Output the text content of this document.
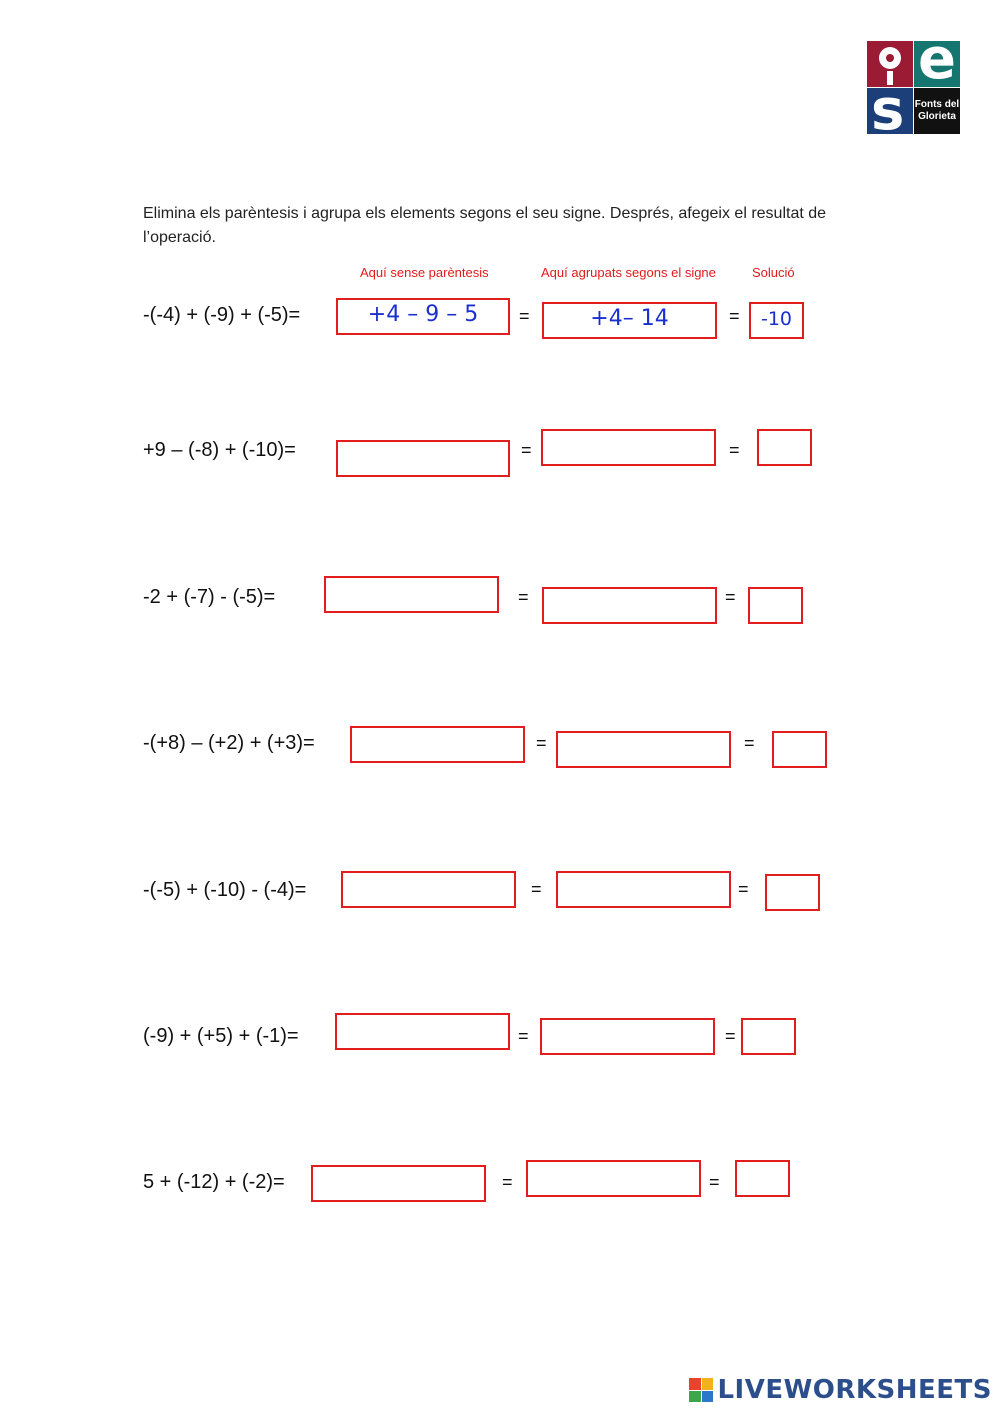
e
s Fonts del Glorieta
Elimina els parèntesis i agrupa els elements segons el seu signe. Després, afegeix el resultat de l’operació.
Aquí sense parèntesis	Aquí agrupats segons el signe	Solució
-(-4) + (-9) + (-5)=	+4 – 9 – 5	=	+4– 14	=	-10
+9 – (-8) + (-10)=	=	=
-2 + (-7) - (-5)=	=	=
-(+8) – (+2) + (+3)=	=	=
-(-5) + (-10) - (-4)=	=	=
(-9) + (+5) + (-1)=	=	=
5 + (-12) + (-2)=	=	=
LIVEWORKSHEETS
